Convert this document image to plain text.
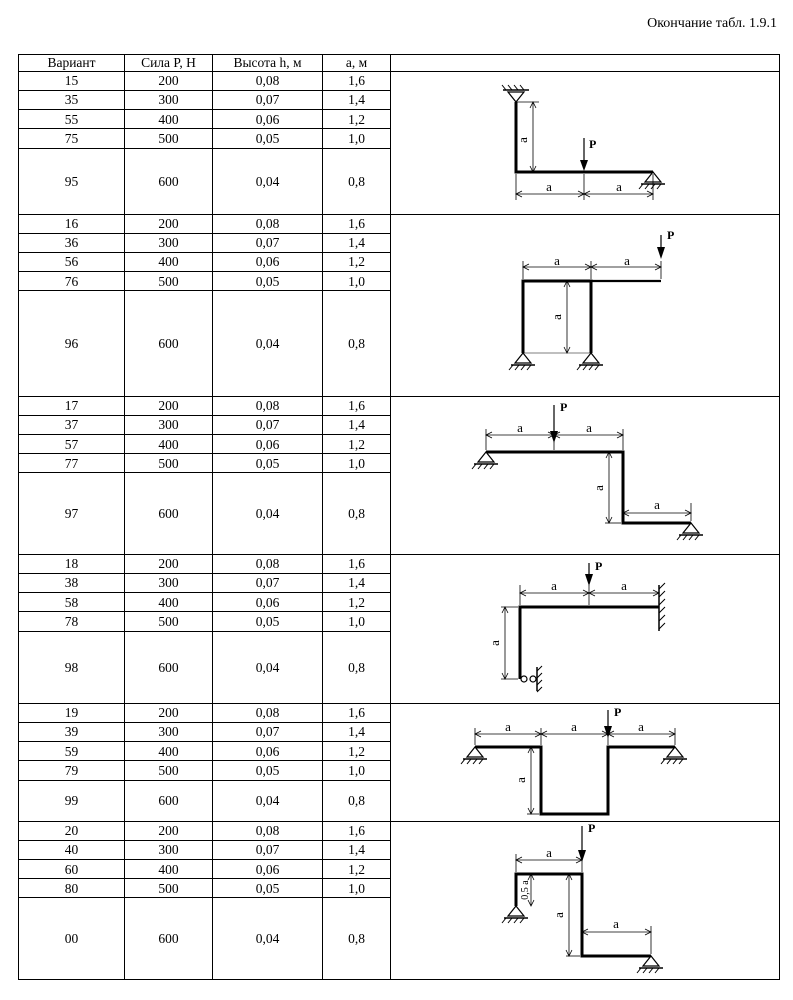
Окончание табл. 1.9.1
Вариант	Сила P, Н	Высота h, м	a, м	
15	200	0,08	1,6	a
a a
P

35	300	0,07	1,4	
55	400	0,06	1,2	
75	500	0,05	1,0	
95	600	0,04	0,8	
16	200	0,08	1,6	a a
a
P

36	300	0,07	1,4	
56	400	0,06	1,2	
76	500	0,05	1,0	
96	600	0,04	0,8	
17	200	0,08	1,6	a a
a
a
P

37	300	0,07	1,4	
57	400	0,06	1,2	
77	500	0,05	1,0	
97	600	0,04	0,8	
18	200	0,08	1,6	a a
a
P

38	300	0,07	1,4	
58	400	0,06	1,2	
78	500	0,05	1,0	
98	600	0,04	0,8	
19	200	0,08	1,6	a a a
a
P

39	300	0,07	1,4	
59	400	0,06	1,2	
79	500	0,05	1,0	
99	600	0,04	0,8	
20	200	0,08	1,6	a
0,5 a
a
a
P

40	300	0,07	1,4	
60	400	0,06	1,2	
80	500	0,05	1,0	
00	600	0,04	0,8	
